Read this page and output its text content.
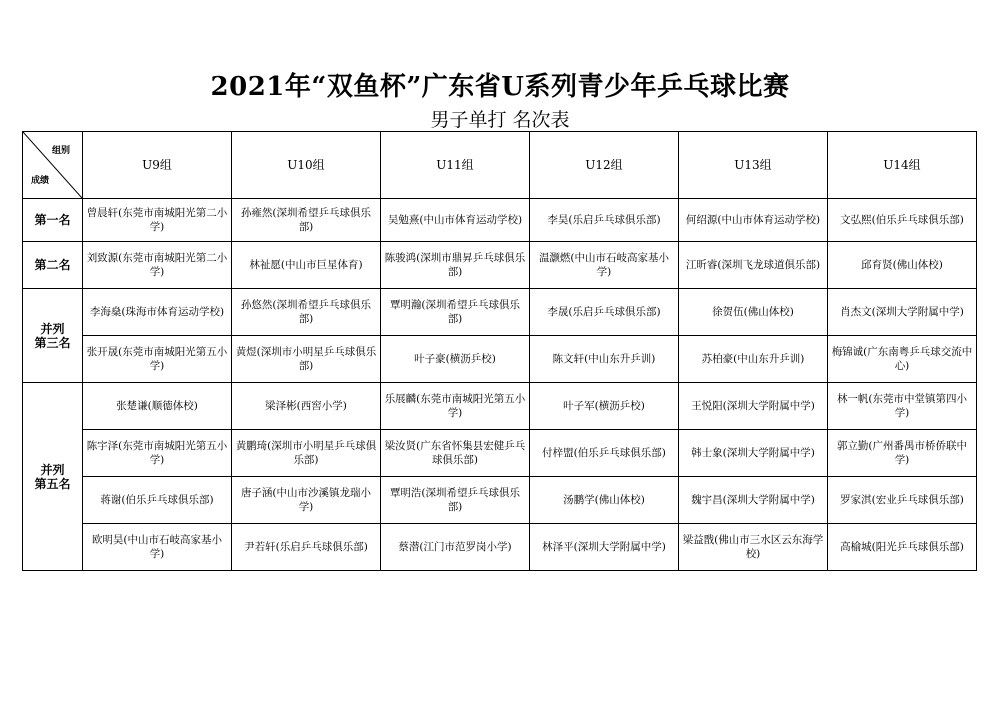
2021年“双鱼杯”广东省U系列青少年乒乓球比赛
男子单打 名次表
组别
成绩	U9组	U10组	U11组	U12组	U13组	U14组
第一名	曾晨轩(东莞市南城阳光第二小学)	孙雍然(深圳希望乒乓球俱乐部)	吴勉熹(中山市体育运动学校)	李昊(乐启乒乓球俱乐部)	何绍源(中山市体育运动学校)	文弘熙(伯乐乒乓球俱乐部)
第二名	刘致源(东莞市南城阳光第二小学)	林祉愿(中山市巨星体育)	陈骏鸿(深圳市鼎昇乒乓球俱乐部)	温灏燃(中山市石岐高家基小学)	江昕睿(深圳飞龙球道俱乐部)	邱育贤(佛山体校)
并列
第三名	李海燊(珠海市体育运动学校)	孙悠然(深圳希望乒乓球俱乐部)	覃明瀚(深圳希望乒乓球俱乐部)	李晟(乐启乒乓球俱乐部)	徐贺伍(佛山体校)	肖杰文(深圳大学附属中学)
	张开晟(东莞市南城阳光第五小学)	黄煜(深圳市小明星乒乓球俱乐部)	叶子豪(横沥乒校)	陈文轩(中山东升乒训)	苏柏豪(中山东升乒训)	梅锦诚(广东南粤乒乓球交流中心)
并列
第五名	张楚谦(顺德体校)	梁泽彬(西窖小学)	乐展麟(东莞市南城阳光第五小学)	叶子军(横沥乒校)	王悦阳(深圳大学附属中学)	林一帆(东莞市中堂镇第四小学)
	陈宇泽(东莞市南城阳光第五小学)	黄鹏琦(深圳市小明星乒乓球俱乐部)	梁汝贤(广东省怀集县宏健乒乓球俱乐部)	付梓盟(伯乐乒乓球俱乐部)	韩士象(深圳大学附属中学)	郭立勤(广州番禺市桥侨联中学)
	蒋谢(伯乐乒乓球俱乐部)	唐子涵(中山市沙溪镇龙瑞小学)	覃明浩(深圳希望乒乓球俱乐部)	汤鹏学(佛山体校)	魏宇昌(深圳大学附属中学)	罗家淇(宏业乒乓球俱乐部)
	欧明昊(中山市石岐高家基小学)	尹若轩(乐启乒乓球俱乐部)	蔡潜(江门市范罗岗小学)	林泽平(深圳大学附属中学)	梁益戬(佛山市三水区云东海学校)	高榆城(阳光乒乓球俱乐部)
